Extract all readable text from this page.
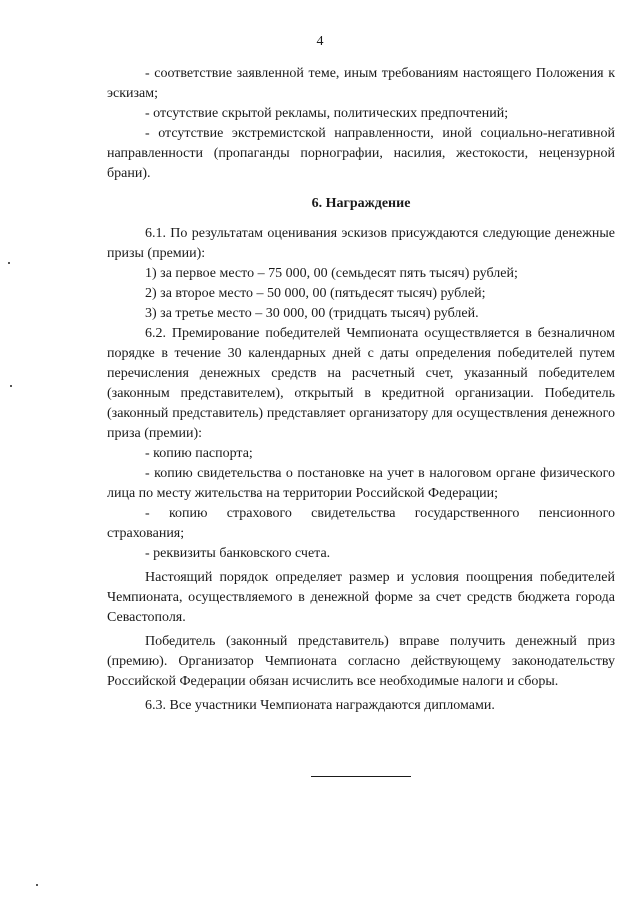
4

- соответствие заявленной теме, иным требованиям настоящего Положения к эскизам;

- отсутствие скрытой рекламы, политических предпочтений;

- отсутствие экстремистской направленности, иной социально-негативной направленности (пропаганды порнографии, насилия, жестокости, нецензурной брани).

6. Награждение

6.1. По результатам оценивания эскизов присуждаются следующие денежные призы (премии):

1) за первое место – 75 000, 00 (семьдесят пять тысяч) рублей;

2) за второе место – 50 000, 00 (пятьдесят тысяч) рублей;

3) за третье место – 30 000, 00 (тридцать тысяч) рублей.

6.2. Премирование победителей Чемпионата осуществляется в безналичном порядке в течение 30 календарных дней с даты определения победителей путем перечисления денежных средств на расчетный счет, указанный победителем (законным представителем), открытый в кредитной организации. Победитель (законный представитель) представляет организатору для осуществления денежного приза (премии):

- копию паспорта;

- копию свидетельства о постановке на учет в налоговом органе физического лица по месту жительства на территории Российской Федерации;

- копию страхового свидетельства государственного пенсионного страхования;

- реквизиты банковского счета.

Настоящий порядок определяет размер и условия поощрения победителей Чемпионата, осуществляемого в денежной форме за счет средств бюджета города Севастополя.

Победитель (законный представитель) вправе получить денежный приз (премию). Организатор Чемпионата согласно действующему законодательству Российской Федерации обязан исчислить все необходимые налоги и сборы.

6.3. Все участники Чемпионата награждаются дипломами.
